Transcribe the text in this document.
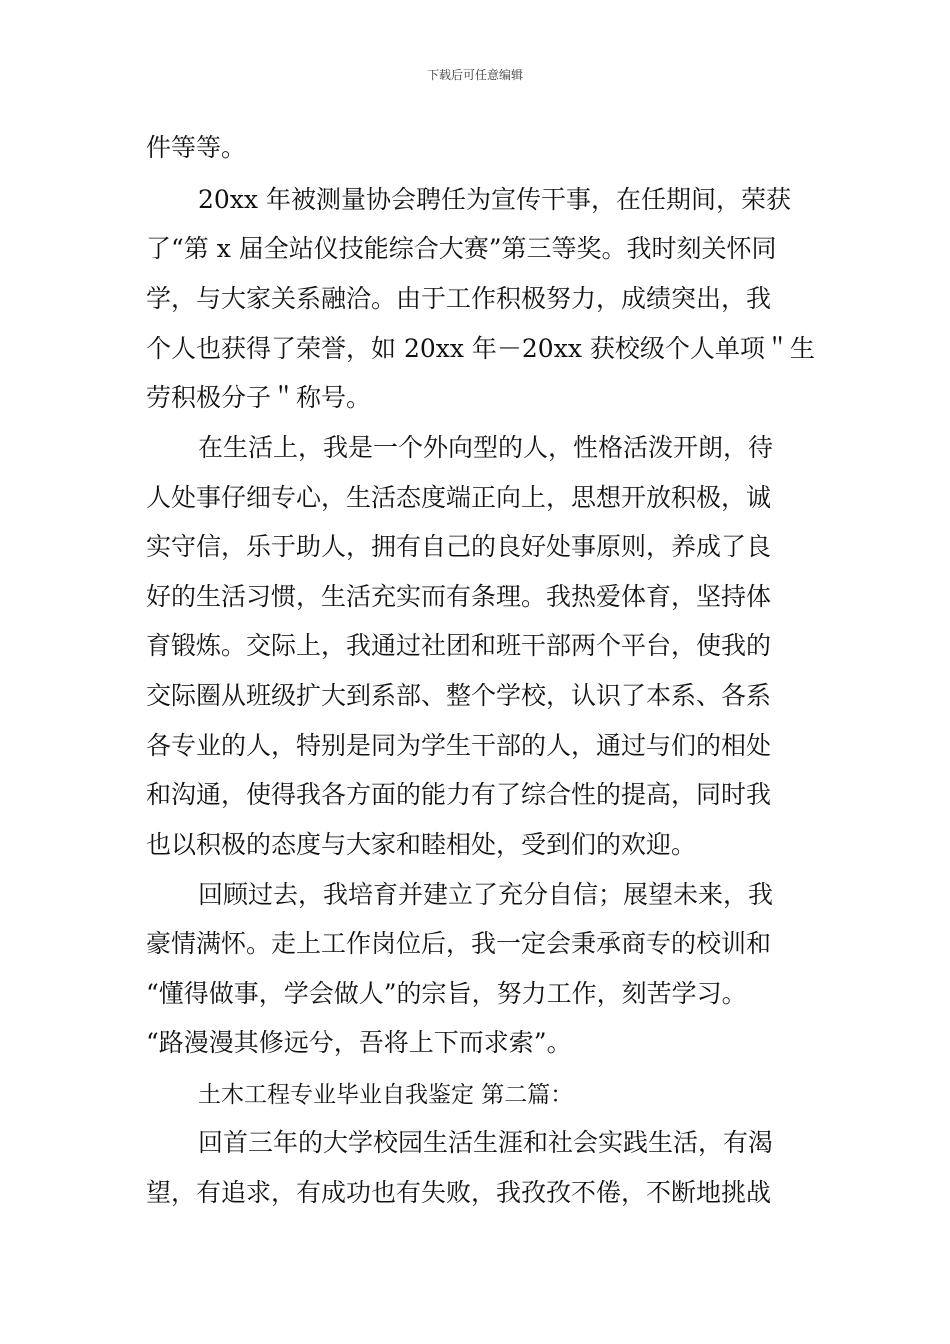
下载后可任意编辑
件等等。
20xx 年被测量协会聘任为宣传干事，在任期间，荣获
了“第 x 届全站仪技能综合大赛”第三等奖。我时刻关怀同
学，与大家关系融洽。由于工作积极努力，成绩突出，我
个人也获得了荣誉，如 20xx 年－20xx 获校级个人单项＂生
劳积极分子＂称号。
在生活上，我是一个外向型的人，性格活泼开朗，待
人处事仔细专心，生活态度端正向上，思想开放积极，诚
实守信，乐于助人，拥有自己的良好处事原则，养成了良
好的生活习惯，生活充实而有条理。我热爱体育，坚持体
育锻炼。交际上，我通过社团和班干部两个平台，使我的
交际圈从班级扩大到系部、整个学校，认识了本系、各系
各专业的人，特别是同为学生干部的人，通过与们的相处
和沟通，使得我各方面的能力有了综合性的提高，同时我
也以积极的态度与大家和睦相处，受到们的欢迎。
回顾过去，我培育并建立了充分自信；展望未来，我
豪情满怀。走上工作岗位后，我一定会秉承商专的校训和
“懂得做事，学会做人”的宗旨，努力工作，刻苦学习。
“路漫漫其修远兮，吾将上下而求索”。
土木工程专业毕业自我鉴定 第二篇：
回首三年的大学校园生活生涯和社会实践生活，有渴
望，有追求，有成功也有失败，我孜孜不倦，不断地挑战
